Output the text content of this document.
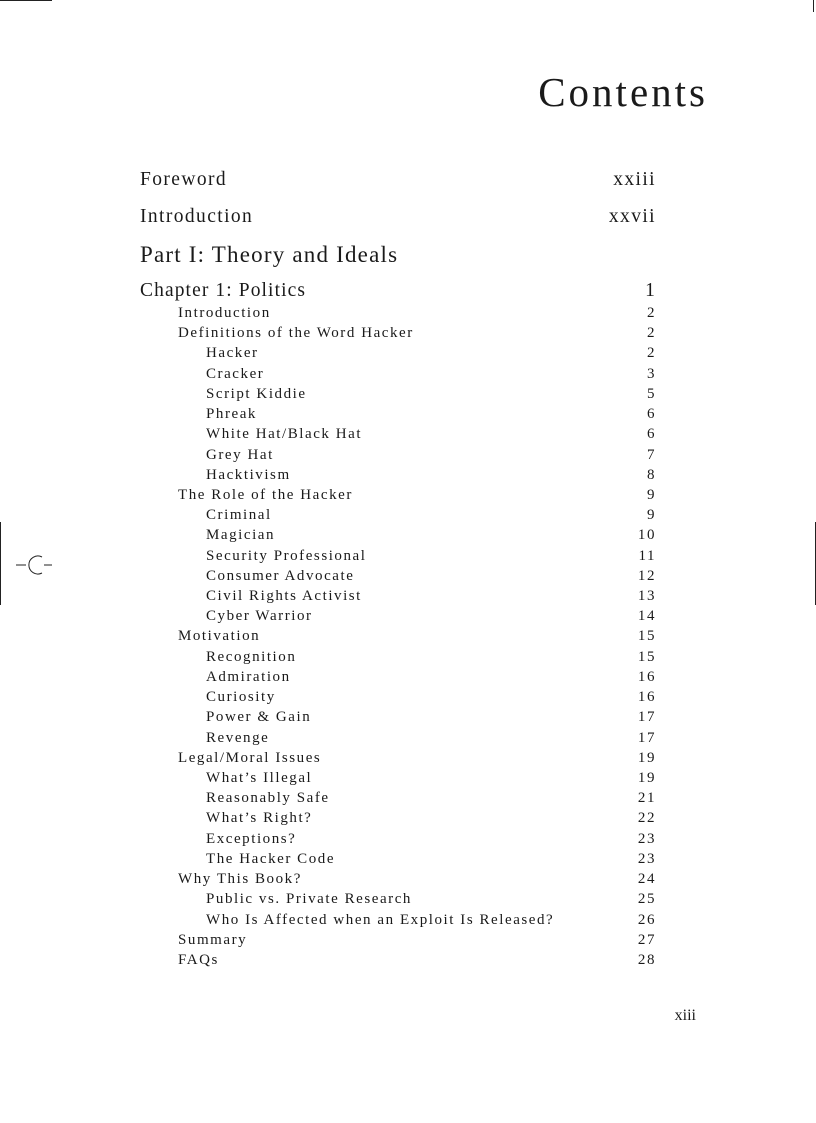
Contents
Foreword	xxiii
Introduction	xxvii
Part I: Theory and Ideals
Chapter 1: Politics	1
Introduction	2
Definitions of the Word Hacker	2
Hacker	2
Cracker	3
Script Kiddie	5
Phreak	6
White Hat/Black Hat	6
Grey Hat	7
Hacktivism	8
The Role of the Hacker	9
Criminal	9
Magician	10
Security Professional	11
Consumer Advocate	12
Civil Rights Activist	13
Cyber Warrior	14
Motivation	15
Recognition	15
Admiration	16
Curiosity	16
Power & Gain	17
Revenge	17
Legal/Moral Issues	19
What’s Illegal	19
Reasonably Safe	21
What’s Right?	22
Exceptions?	23
The Hacker Code	23
Why This Book?	24
Public vs. Private Research	25
Who Is Affected when an Exploit Is Released?	26
Summary	27
FAQs	28
xiii
